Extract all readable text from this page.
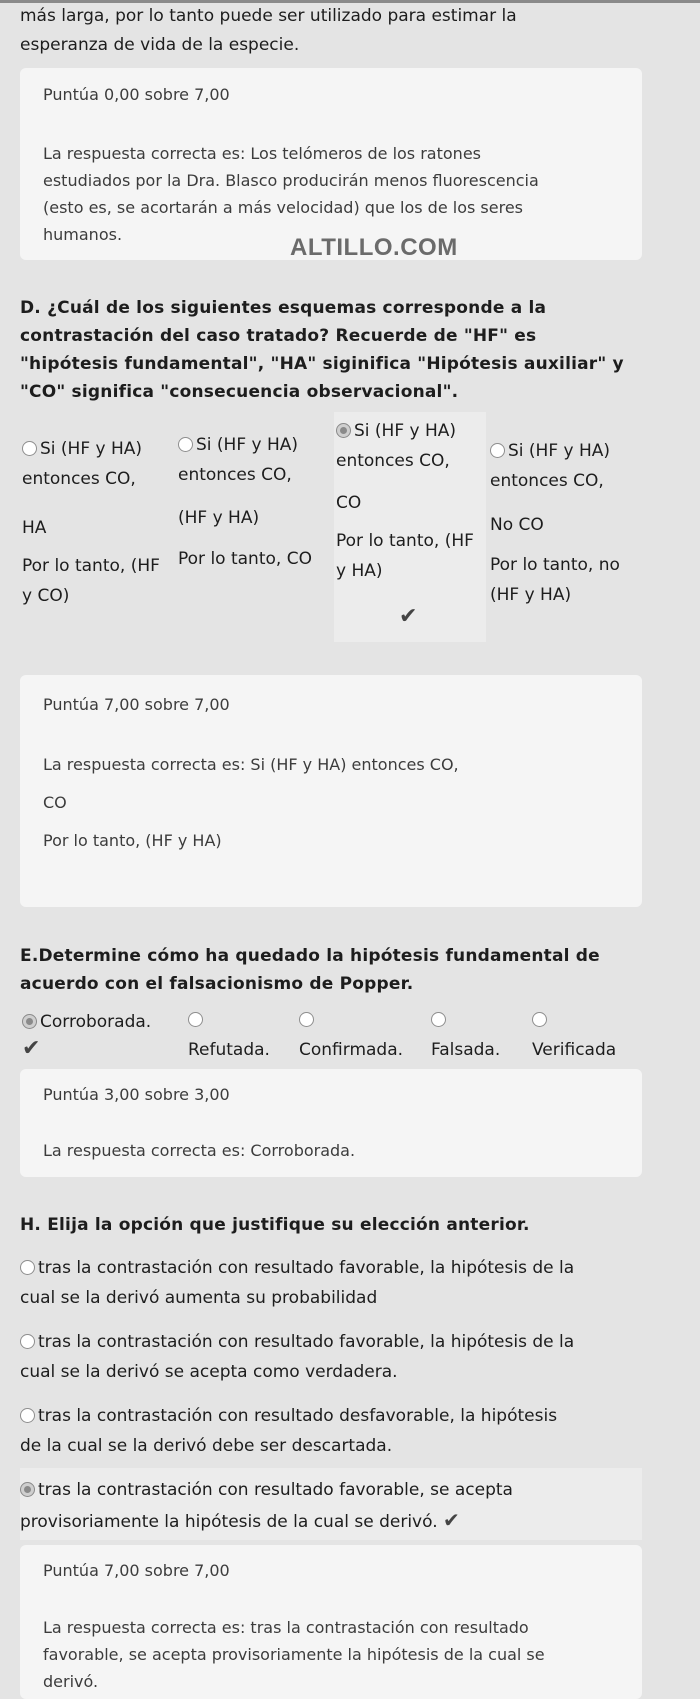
más larga, por lo tanto puede ser utilizado para estimar la
esperanza de vida de la especie.

Puntúa 0,00 sobre 7,00

La respuesta correcta es: Los telómeros de los ratones
estudiados por la Dra. Blasco producirán menos fluorescencia
(esto es, se acortarán a más velocidad) que los de los seres
humanos.	ALTILLO.COM

D. ¿Cuál de los siguientes esquemas corresponde a la
contrastación del caso tratado? Recuerde de "HF" es
"hipótesis fundamental", "HA" siginifica "Hipótesis auxiliar" y
"CO" significa "consecuencia observacional".

Si (HF y HA)
entonces CO,
HA
Por lo tanto, (HF
y CO)
Si (HF y HA)
entonces CO,
(HF y HA)
Por lo tanto, CO
Si (HF y HA)
entonces CO,
CO
Por lo tanto, (HF
y HA)
✔
Si (HF y HA)
entonces CO,
No CO
Por lo tanto, no
(HF y HA)
Puntúa 7,00 sobre 7,00

La respuesta correcta es: Si (HF y HA) entonces CO,
CO
Por lo tanto, (HF y HA)

E.Determine cómo ha quedado la hipótesis fundamental de
acuerdo con el falsacionismo de Popper.

Corroborada.
✔	Refutada. Confirmada. Falsada. Verificada
Puntúa 3,00 sobre 3,00

La respuesta correcta es: Corroborada.

H. Elija la opción que justifique su elección anterior.

tras la contrastación con resultado favorable, la hipótesis de la
cual se la derivó aumenta su probabilidad
tras la contrastación con resultado favorable, la hipótesis de la
cual se la derivó se acepta como verdadera.
tras la contrastación con resultado desfavorable, la hipótesis
de la cual se la derivó debe ser descartada.
tras la contrastación con resultado favorable, se acepta
provisoriamente la hipótesis de la cual se derivó. ✔
Puntúa 7,00 sobre 7,00

La respuesta correcta es: tras la contrastación con resultado
favorable, se acepta provisoriamente la hipótesis de la cual se
derivó.
